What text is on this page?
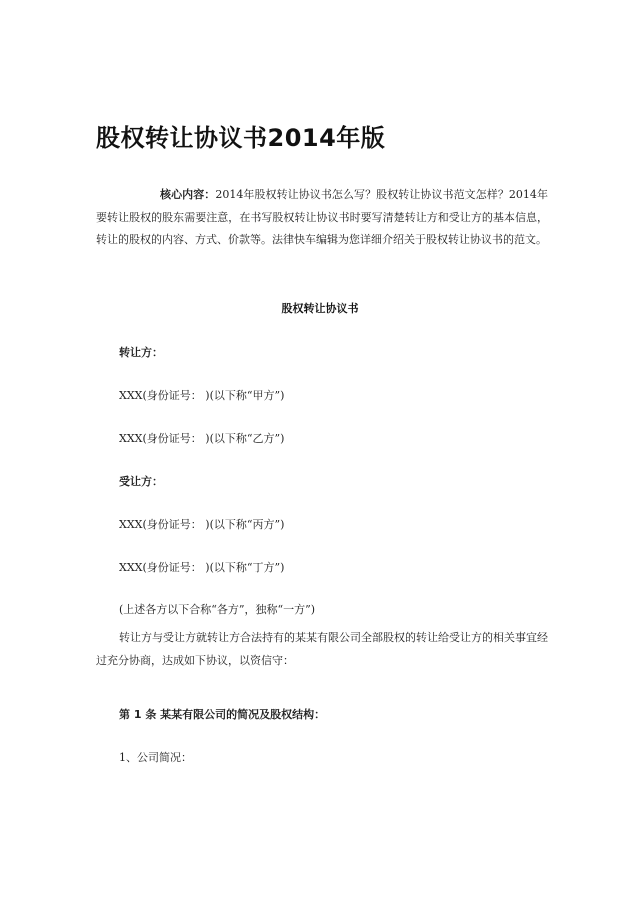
股权转让协议书2014年版

核心内容：2014年股权转让协议书怎么写？股权转让协议书范文怎样？2014年要转让股权的股东需要注意，在书写股权转让协议书时要写清楚转让方和受让方的基本信息，转让的股权的内容、方式、价款等。法律快车编辑为您详细介绍关于股权转让协议书的范文。

股权转让协议书

转让方：

XXX(身份证号： )(以下称“甲方”)

XXX(身份证号： )(以下称“乙方”)

受让方：

XXX(身份证号： )(以下称“丙方”)

XXX(身份证号： )(以下称“丁方”)

(上述各方以下合称“各方”，独称“一方”)

转让方与受让方就转让方合法持有的某某有限公司全部股权的转让给受让方的相关事宜经过充分协商，达成如下协议，以资信守：

第 1 条 某某有限公司的简况及股权结构：

1、公司简况：
